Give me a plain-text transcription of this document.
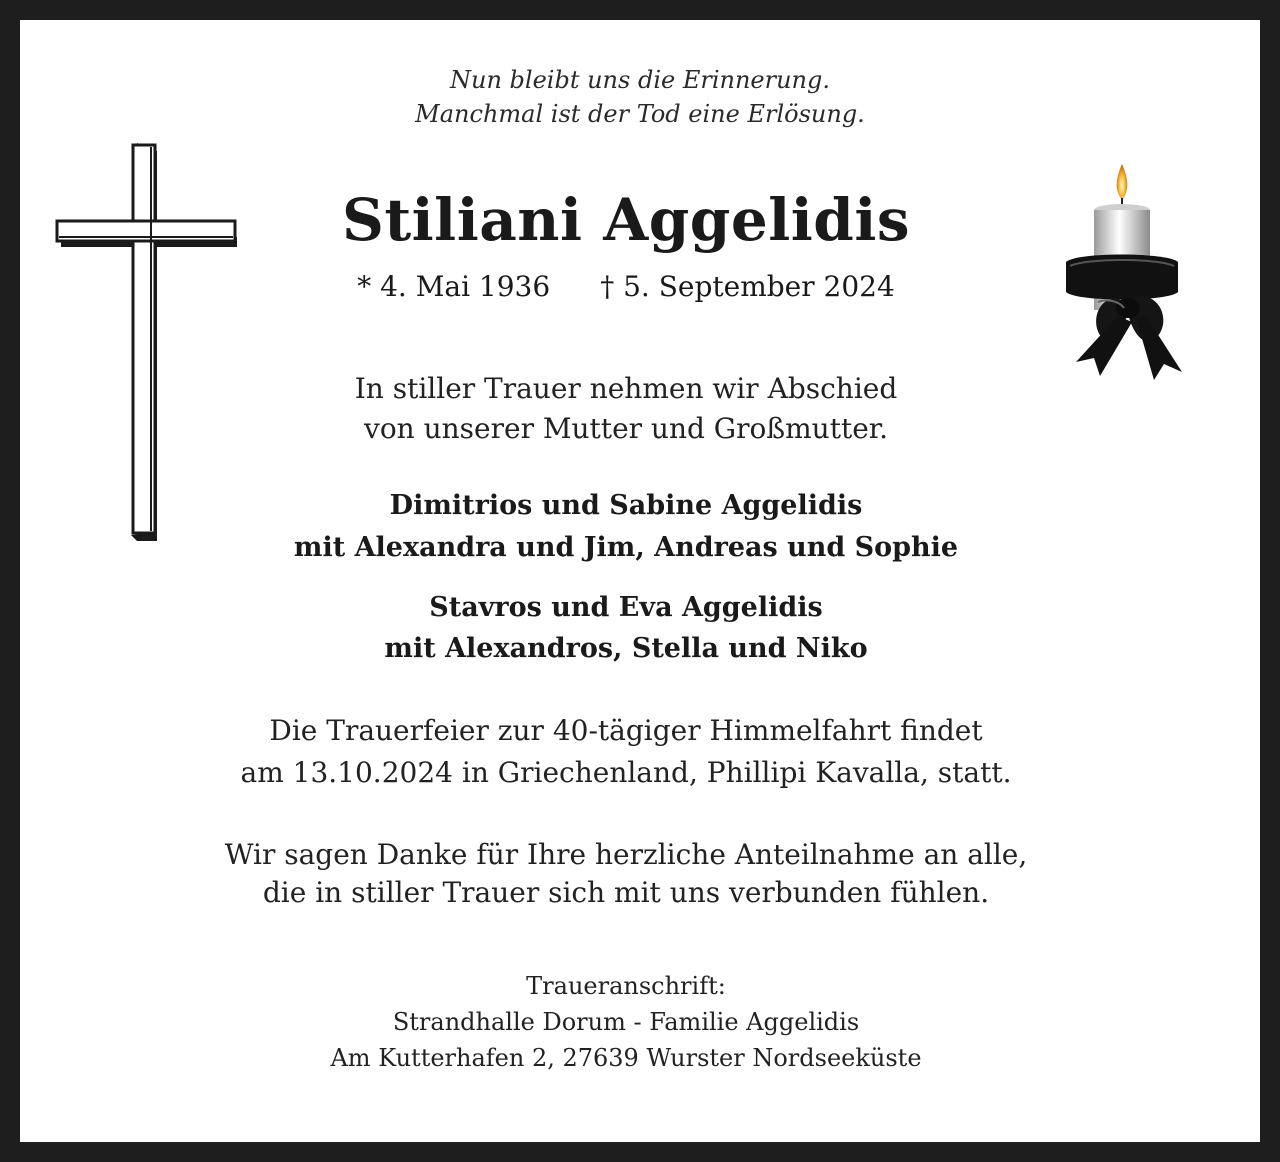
Nun bleibt uns die Erinnerung.
Manchmal ist der Tod eine Erlösung.
Stiliani Aggelidis
* 4. Mai 1936 † 5. September 2024
In stiller Trauer nehmen wir Abschied
von unserer Mutter und Großmutter.
Dimitrios und Sabine Aggelidis
mit Alexandra und Jim, Andreas und Sophie
Stavros und Eva Aggelidis
mit Alexandros, Stella und Niko
Die Trauerfeier zur 40-tägiger Himmelfahrt findet
am 13.10.2024 in Griechenland, Phillipi Kavalla, statt.
Wir sagen Danke für Ihre herzliche Anteilnahme an alle,
die in stiller Trauer sich mit uns verbunden fühlen.
Traueranschrift:
Strandhalle Dorum - Familie Aggelidis
Am Kutterhafen 2, 27639 Wurster Nordseeküste
